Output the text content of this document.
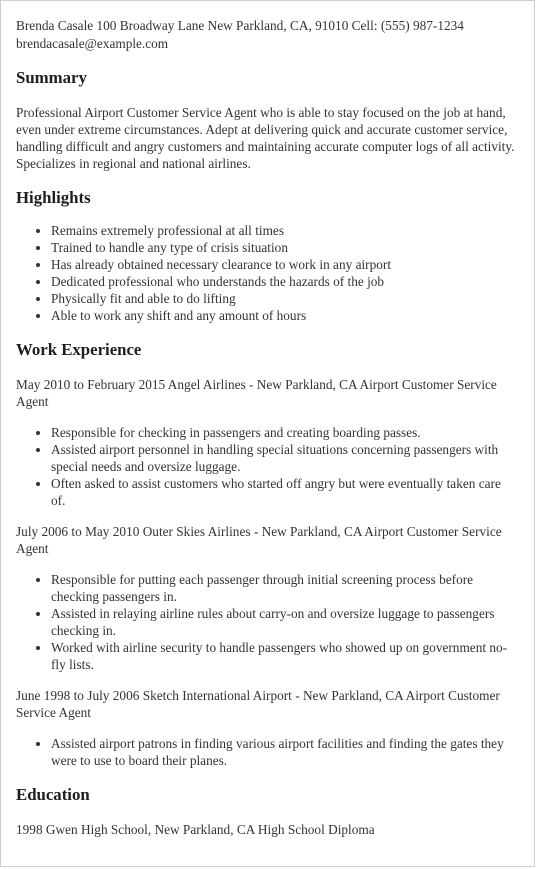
Brenda Casale 100 Broadway Lane New Parkland, CA, 91010 Cell: (555) 987-1234

brendacasale@example.com

Summary

Professional Airport Customer Service Agent who is able to stay focused on the job at hand, even under extreme circumstances. Adept at delivering quick and accurate customer service, handling difficult and angry customers and maintaining accurate computer logs of all activity. Specializes in regional and national airlines.

Highlights
• Remains extremely professional at all times
• Trained to handle any type of crisis situation
• Has already obtained necessary clearance to work in any airport
• Dedicated professional who understands the hazards of the job
• Physically fit and able to do lifting
• Able to work any shift and any amount of hours
Work Experience

May 2010 to February 2015 Angel Airlines - New Parkland, CA Airport Customer Service Agent

• Responsible for checking in passengers and creating boarding passes.
• Assisted airport personnel in handling special situations concerning passengers with special needs and oversize luggage.
• Often asked to assist customers who started off angry but were eventually taken care of.

July 2006 to May 2010 Outer Skies Airlines - New Parkland, CA Airport Customer Service Agent

• Responsible for putting each passenger through initial screening process before checking passengers in.
• Assisted in relaying airline rules about carry-on and oversize luggage to passengers checking in.
• Worked with airline security to handle passengers who showed up on government no-fly lists.

June 1998 to July 2006 Sketch International Airport - New Parkland, CA Airport Customer Service Agent

• Assisted airport patrons in finding various airport facilities and finding the gates they were to use to board their planes.
Education

1998 Gwen High School, New Parkland, CA High School Diploma
